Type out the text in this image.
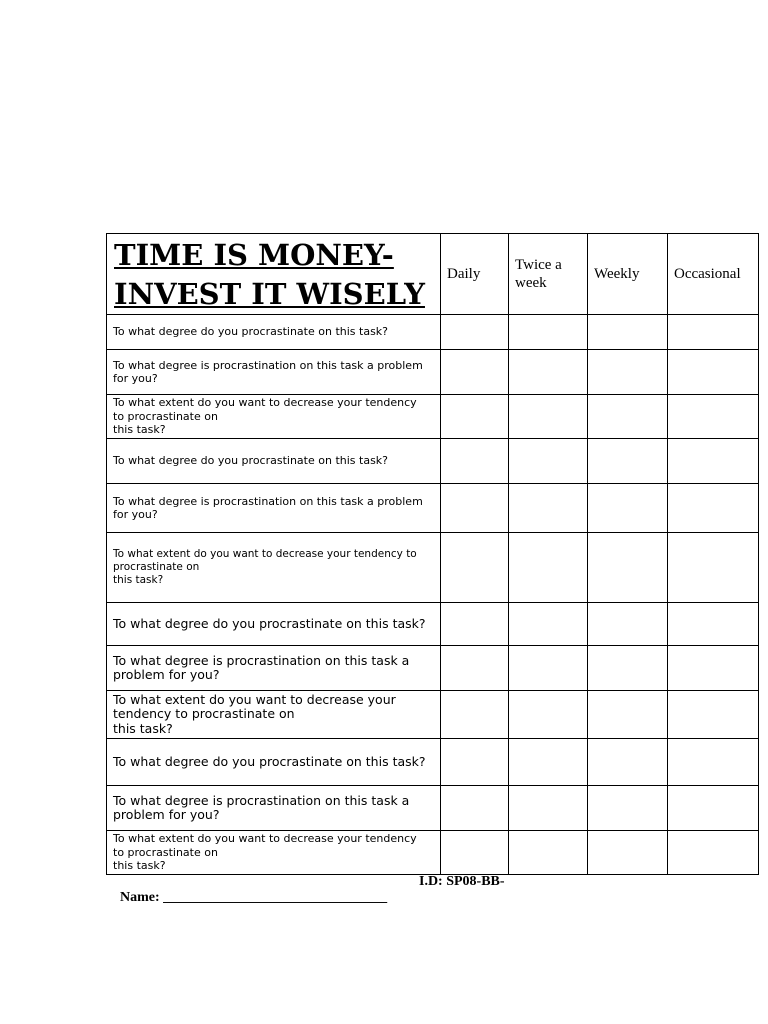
TIME IS MONEY-
INVEST IT WISELY	Daily	Twice a
week	Weekly	Occasional
To what degree do you procrastinate on this task?				
To what degree is procrastination on this task a problem
for you?				
To what extent do you want to decrease your tendency
to procrastinate on
this task?				
To what degree do you procrastinate on this task?				
To what degree is procrastination on this task a problem
for you?				
To what extent do you want to decrease your tendency to
procrastinate on
this task?				
To what degree do you procrastinate on this task?				
To what degree is procrastination on this task a
problem for you?				
To what extent do you want to decrease your
tendency to procrastinate on
this task?				
To what degree do you procrastinate on this task?				
To what degree is procrastination on this task a
problem for you?				
To what extent do you want to decrease your tendency
to procrastinate on
this task?				

Name: ________________________________

I.D: SP08-BB-
